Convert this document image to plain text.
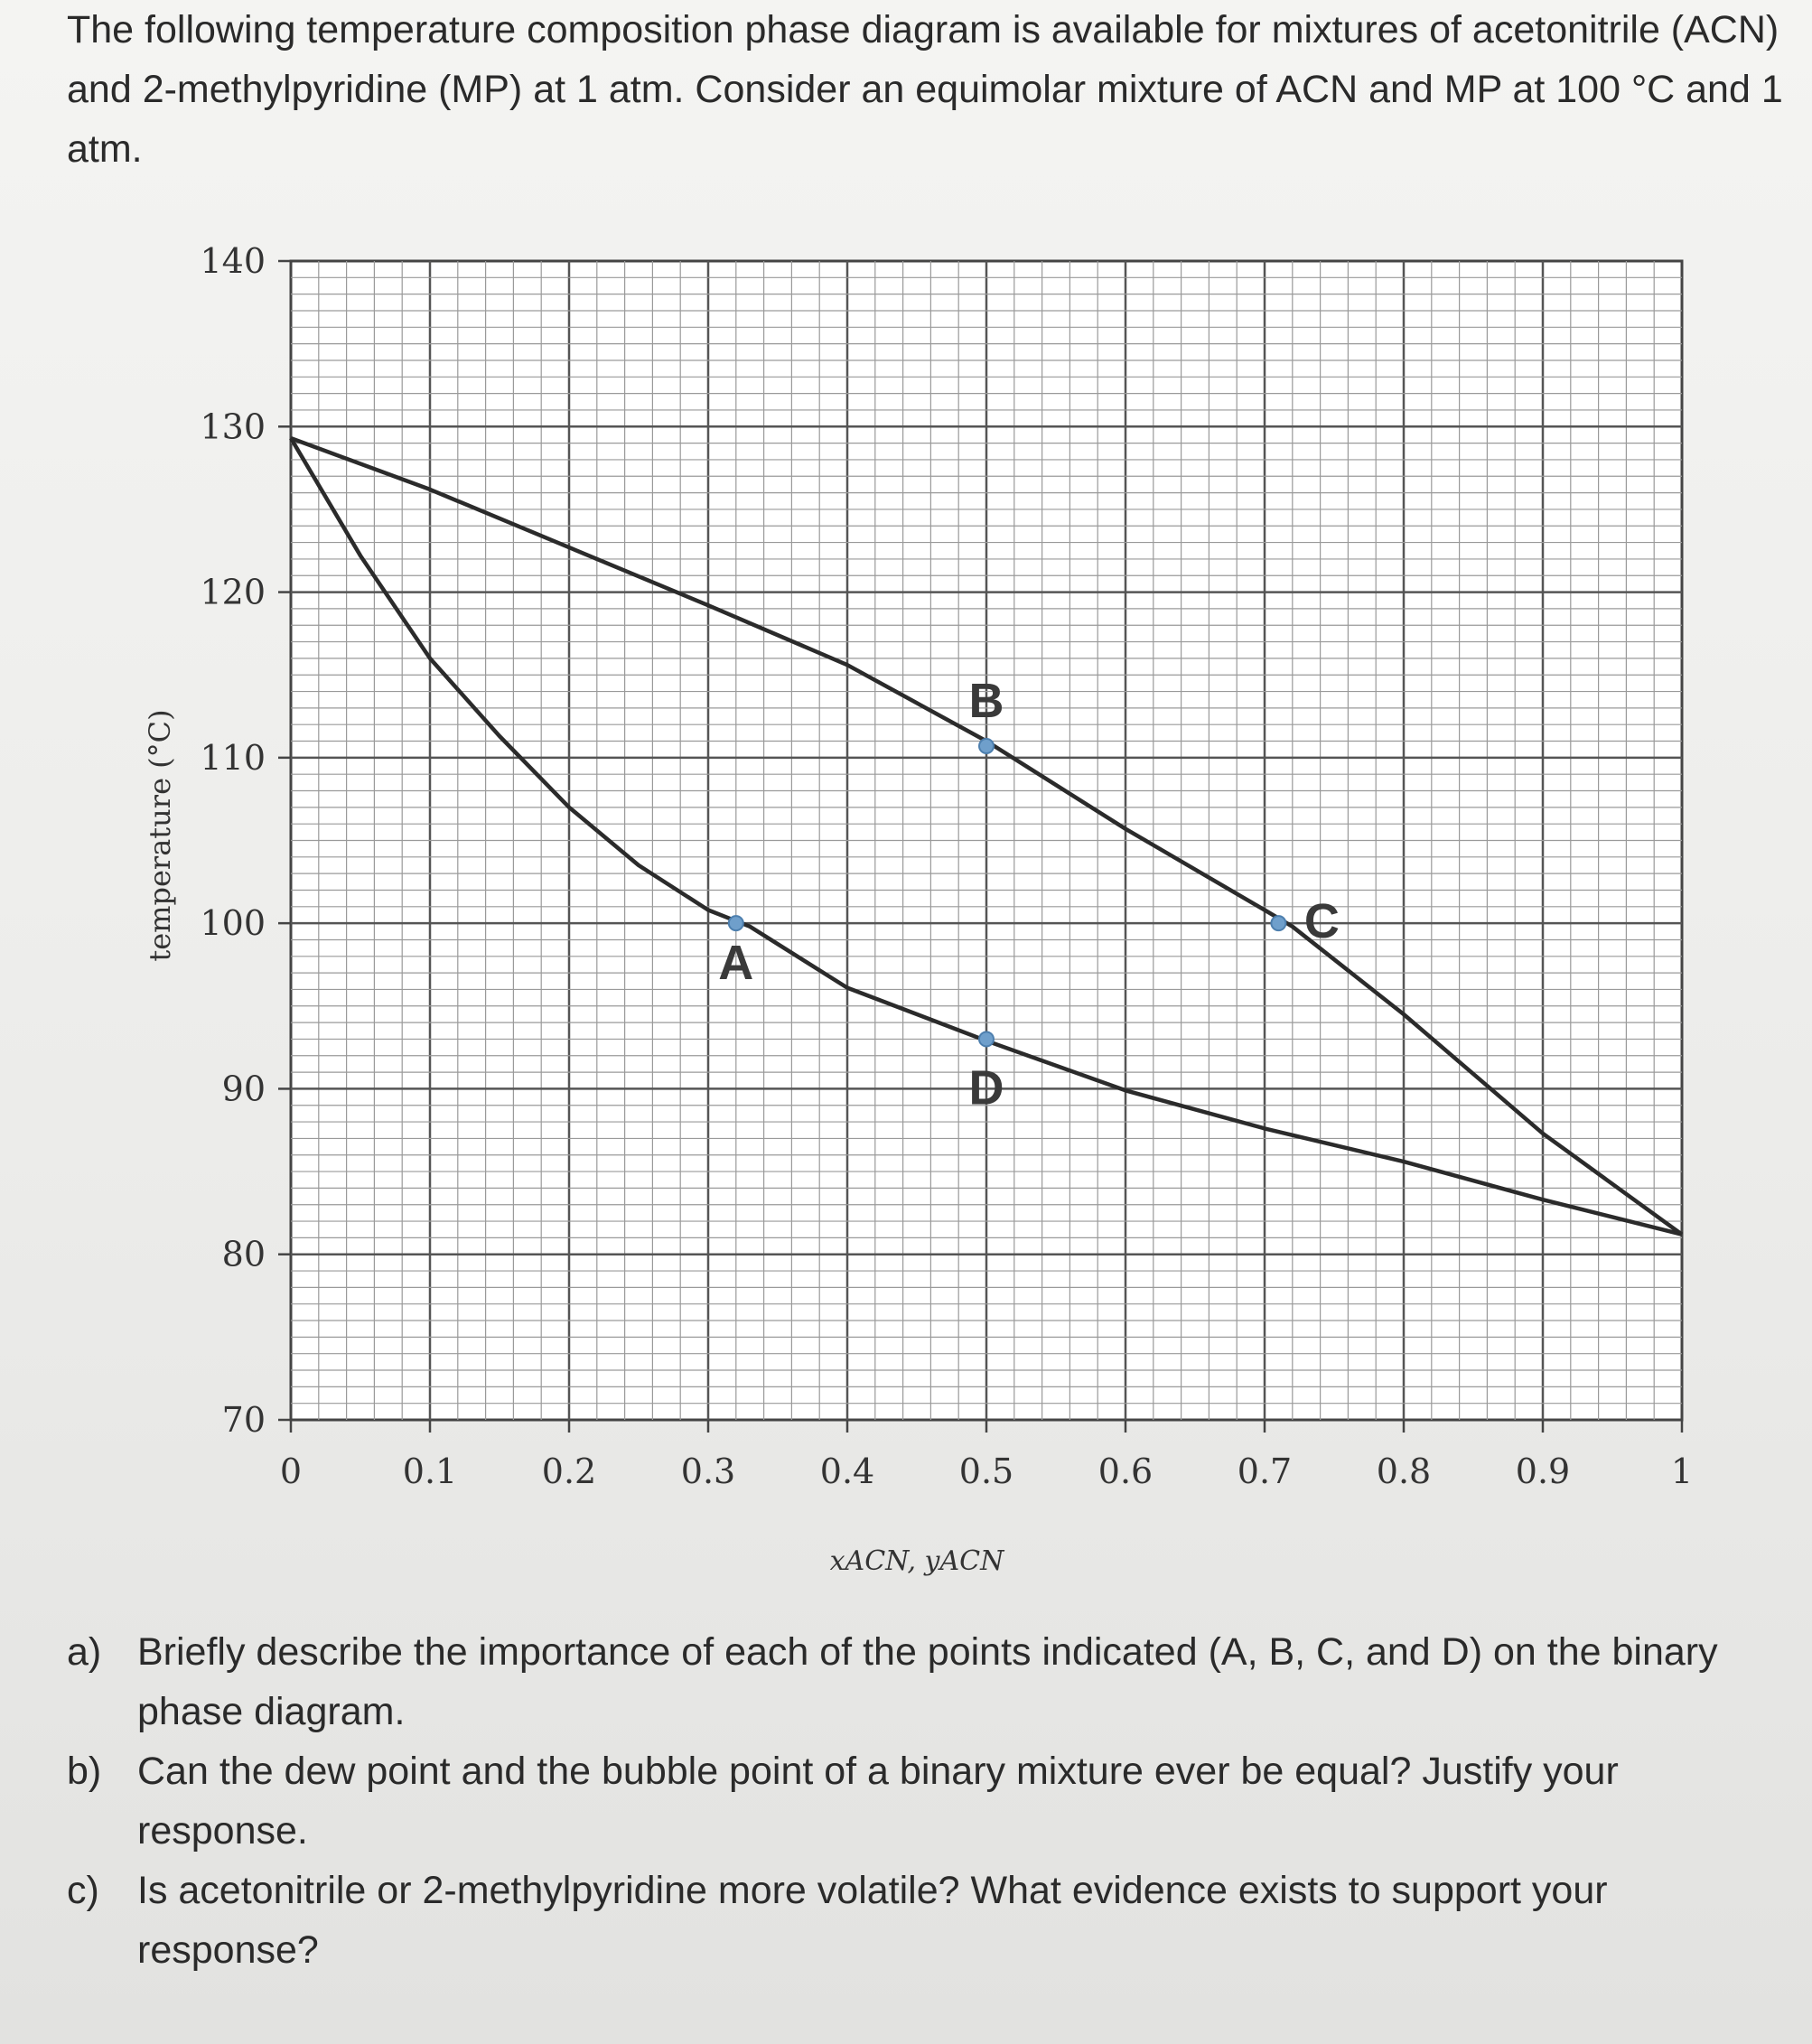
The following temperature composition phase diagram is available for mixtures of acetonitrile (ACN) and 2-methylpyridine (MP) at 1 atm. Consider an equimolar mixture of ACN and MP at 100 °C and 1 atm.

A
B
C
D
0	0.1 0.2 0.3 0.4 0.5 0.6 0.7 0.8 0.9	1
70
80
90
100
110
120
130
140
temperature (°C)
xACN, yACN
a) Briefly describe the importance of each of the points indicated (A, B, C, and D) on the binary phase diagram.
b) Can the dew point and the bubble point of a binary mixture ever be equal? Justify your response.
c) Is acetonitrile or 2-methylpyridine more volatile? What evidence exists to support your response?
